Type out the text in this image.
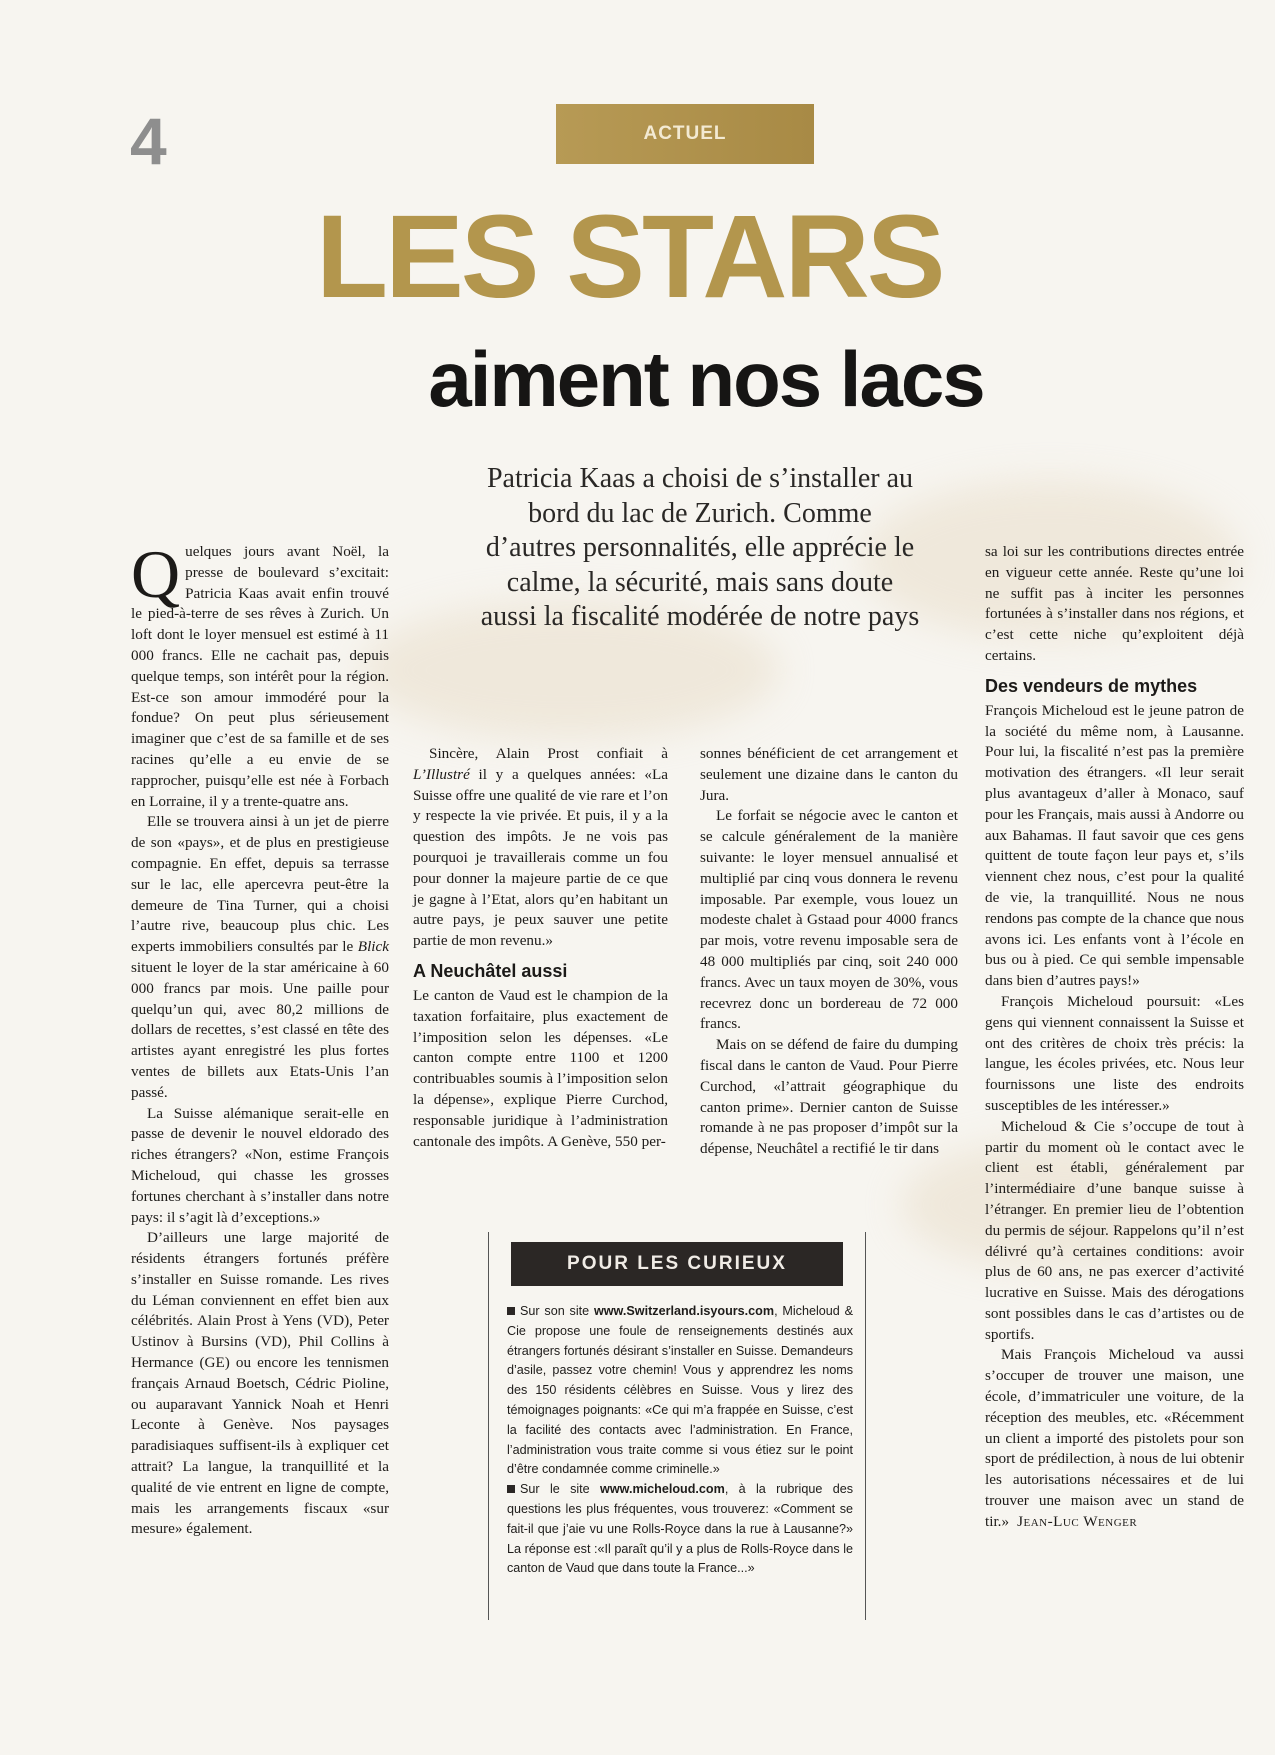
4	ACTUEL
LES STARS
aiment nos lacs
Patricia Kaas a choisi de s’installer au bord du lac de Zurich. Comme d’autres personnalités, elle apprécie le calme, la sécurité, mais sans doute aussi la fiscalité modérée de notre pays

Quelques jours avant Noël, la presse de boulevard s’excitait: Patricia Kaas avait enfin trouvé le pied-à-terre de ses rêves à Zurich. Un loft dont le loyer mensuel est estimé à 11 000 francs. Elle ne cachait pas, depuis quelque temps, son intérêt pour la région. Est-ce son amour immodéré pour la fondue? On peut plus sérieusement imaginer que c’est de sa famille et de ses racines qu’elle a eu envie de se rapprocher, puisqu’elle est née à Forbach en Lorraine, il y a trente-quatre ans.

Elle se trouvera ainsi à un jet de pierre de son «pays», et de plus en prestigieuse compagnie. En effet, depuis sa terrasse sur le lac, elle apercevra peut-être la demeure de Tina Turner, qui a choisi l’autre rive, beaucoup plus chic. Les experts immobiliers consultés par le Blick situent le loyer de la star américaine à 60 000 francs par mois. Une paille pour quelqu’un qui, avec 80,2 millions de dollars de recettes, s’est classé en tête des artistes ayant enregistré les plus fortes ventes de billets aux Etats-Unis l’an passé.

La Suisse alémanique serait-elle en passe de devenir le nouvel eldorado des riches étrangers? «Non, estime François Micheloud, qui chasse les grosses fortunes cherchant à s’installer dans notre pays: il s’agit là d’exceptions.»

D’ailleurs une large majorité de résidents étrangers fortunés préfère s’installer en Suisse romande. Les rives du Léman conviennent en effet bien aux célébrités. Alain Prost à Yens (VD), Peter Ustinov à Bursins (VD), Phil Collins à Hermance (GE) ou encore les tennismen français Arnaud Boetsch, Cédric Pioline, ou auparavant Yannick Noah et Henri Leconte à Genève. Nos paysages paradisiaques suffisent-ils à expliquer cet attrait? La langue, la tranquillité et la qualité de vie entrent en ligne de compte, mais les arrangements fiscaux «sur mesure» également.

Sincère, Alain Prost confiait à L’Illustré il y a quelques années: «La Suisse offre une qualité de vie rare et l’on y respecte la vie privée. Et puis, il y a la question des impôts. Je ne vois pas pourquoi je travaillerais comme un fou pour donner la majeure partie de ce que je gagne à l’Etat, alors qu’en habitant un autre pays, je peux sauver une petite partie de mon revenu.»

A Neuchâtel aussi

Le canton de Vaud est le champion de la taxation forfaitaire, plus exactement de l’imposition selon les dépenses. «Le canton compte entre 1100 et 1200 contribuables soumis à l’imposition selon la dépense», explique Pierre Curchod, responsable juridique à l’administration cantonale des impôts. A Genève, 550 per-

sonnes bénéficient de cet arrangement et seulement une dizaine dans le canton du Jura.

Le forfait se négocie avec le canton et se calcule généralement de la manière suivante: le loyer mensuel annualisé et multiplié par cinq vous donnera le revenu imposable. Par exemple, vous louez un modeste chalet à Gstaad pour 4000 francs par mois, votre revenu imposable sera de 48 000 multipliés par cinq, soit 240 000 francs. Avec un taux moyen de 30%, vous recevrez donc un bordereau de 72 000 francs.

Mais on se défend de faire du dumping fiscal dans le canton de Vaud. Pour Pierre Curchod, «l’attrait géographique du canton prime». Dernier canton de Suisse romande à ne pas proposer d’impôt sur la dépense, Neuchâtel a rectifié le tir dans

sa loi sur les contributions directes entrée en vigueur cette année. Reste qu’une loi ne suffit pas à inciter les personnes fortunées à s’installer dans nos régions, et c’est cette niche qu’exploitent déjà certains.

Des vendeurs de mythes

François Micheloud est le jeune patron de la société du même nom, à Lausanne. Pour lui, la fiscalité n’est pas la première motivation des étrangers. «Il leur serait plus avantageux d’aller à Monaco, sauf pour les Français, mais aussi à Andorre ou aux Bahamas. Il faut savoir que ces gens quittent de toute façon leur pays et, s’ils viennent chez nous, c’est pour la qualité de vie, la tranquillité. Nous ne nous rendons pas compte de la chance que nous avons ici. Les enfants vont à l’école en bus ou à pied. Ce qui semble impensable dans bien d’autres pays!»

François Micheloud poursuit: «Les gens qui viennent connaissent la Suisse et ont des critères de choix très précis: la langue, les écoles privées, etc. Nous leur fournissons une liste des endroits susceptibles de les intéresser.»

Micheloud & Cie s’occupe de tout à partir du moment où le contact avec le client est établi, généralement par l’intermédiaire d’une banque suisse à l’étranger. En premier lieu de l’obtention du permis de séjour. Rappelons qu’il n’est délivré qu’à certaines conditions: avoir plus de 60 ans, ne pas exercer d’activité lucrative en Suisse. Mais des dérogations sont possibles dans le cas d’artistes ou de sportifs.

Mais François Micheloud va aussi s’occuper de trouver une maison, une école, d’immatriculer une voiture, de la réception des meubles, etc. «Récemment un client a importé des pistolets pour son sport de prédilection, à nous de lui obtenir les autorisations nécessaires et de lui trouver une maison avec un stand de tir.» Jean-Luc Wenger

POUR LES CURIEUX

Sur son site www.Switzerland.isyours.com, Micheloud & Cie propose une foule de renseignements destinés aux étrangers fortunés désirant s’installer en Suisse. Demandeurs d’asile, passez votre chemin! Vous y apprendrez les noms des 150 résidents célèbres en Suisse. Vous y lirez des témoignages poignants: «Ce qui m’a frappée en Suisse, c’est la facilité des contacts avec l’administration. En France, l’administration vous traite comme si vous étiez sur le point d’être condamnée comme criminelle.»

Sur le site www.micheloud.com, à la rubrique des questions les plus fréquentes, vous trouverez: «Comment se fait-il que j’aie vu une Rolls-Royce dans la rue à Lausanne?» La réponse est :«Il paraît qu’il y a plus de Rolls-Royce dans le canton de Vaud que dans toute la France...»
